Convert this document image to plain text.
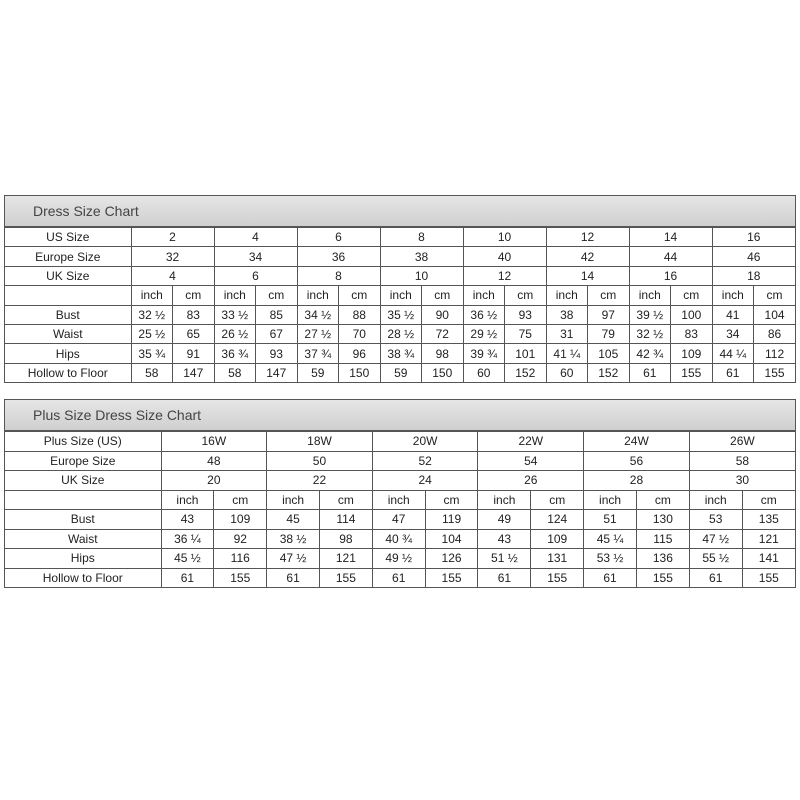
Dress Size Chart
US Size	2		4		6		8		10		12		14		16	
Europe Size	32		34		36		38		40		42		44		46	
UK Size	4		6		8		10		12		14		16		18	
	inch	cm	inch	cm	inch	cm	inch	cm	inch	cm	inch	cm	inch	cm	inch	cm
Bust	32 ½	83	33 ½	85	34 ½	88	35 ½	90	36 ½	93	38	97	39 ½	100	41	104
Waist	25 ½	65	26 ½	67	27 ½	70	28 ½	72	29 ½	75	31	79	32 ½	83	34	86
Hips	35 ¾	91	36 ¾	93	37 ¾	96	38 ¾	98	39 ¾	101	41 ¼	105	42 ¾	109	44 ¼	112
Hollow to Floor	58	147	58	147	59	150	59	150	60	152	60	152	61	155	61	155
Plus Size Dress Size Chart
Plus Size (US)	16W		18W		20W		22W		24W		26W	
Europe Size	48		50		52		54		56		58	
UK Size	20		22		24		26		28		30	
	inch	cm	inch	cm	inch	cm	inch	cm	inch	cm	inch	cm
Bust	43	109	45	114	47	119	49	124	51	130	53	135
Waist	36 ¼	92	38 ½	98	40 ¾	104	43	109	45 ¼	115	47 ½	121
Hips	45 ½	116	47 ½	121	49 ½	126	51 ½	131	53 ½	136	55 ½	141
Hollow to Floor	61	155	61	155	61	155	61	155	61	155	61	155
